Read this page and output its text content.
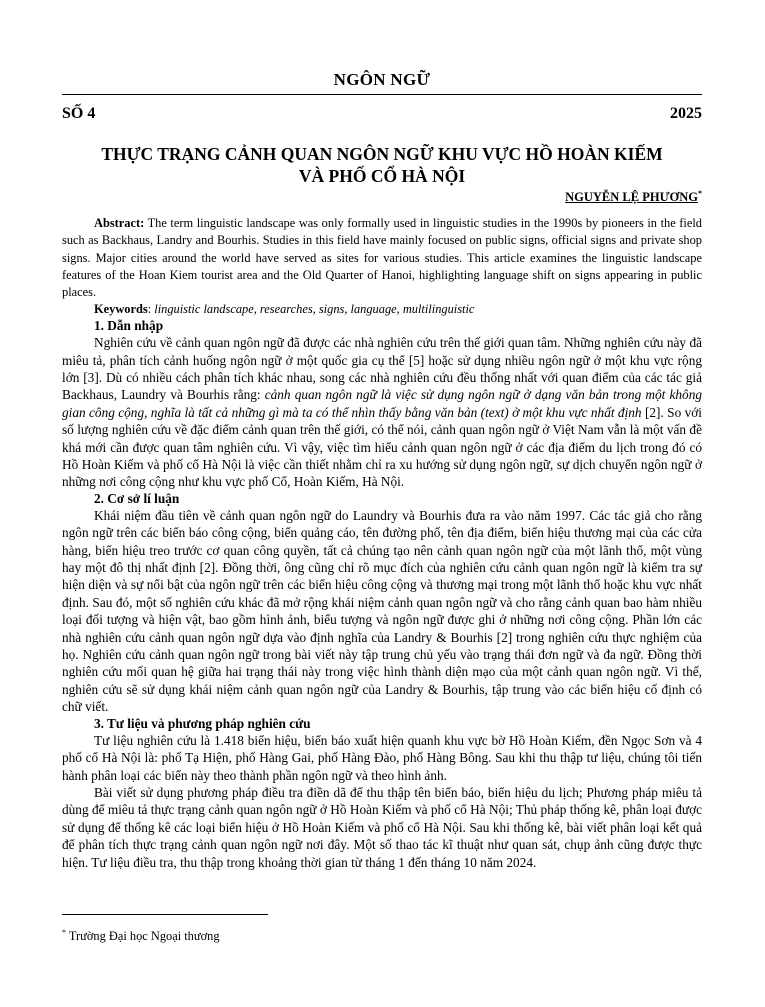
NGÔN NGỮ
SỐ 4	2025
THỰC TRẠNG CẢNH QUAN NGÔN NGỮ KHU VỰC HỒ HOÀN KIẾM
VÀ PHỐ CỔ HÀ NỘI
NGUYỄN LỆ PHƯƠNG*
Abstract: The term linguistic landscape was only formally used in linguistic studies in the 1990s by pioneers in the field such as Backhaus, Landry and Bourhis. Studies in this field have mainly focused on public signs, official signs and private shop signs. Major cities around the world have served as sites for various studies. This article examines the linguistic landscape features of the Hoan Kiem tourist area and the Old Quarter of Hanoi, highlighting language shift on signs appearing in public places.
Keywords: linguistic landscape, researches, signs, language, multilinguistic
1. Dẫn nhập

Nghiên cứu về cảnh quan ngôn ngữ đã được các nhà nghiên cứu trên thế giới quan tâm. Những nghiên cứu này đã miêu tả, phân tích cảnh huống ngôn ngữ ở một quốc gia cụ thể [5] hoặc sử dụng nhiều ngôn ngữ ở một khu vực rộng lớn [3]. Dù có nhiều cách phân tích khác nhau, song các nhà nghiên cứu đều thống nhất với quan điểm của các tác giả Backhaus, Laundry và Bourhis rằng: cảnh quan ngôn ngữ là việc sử dụng ngôn ngữ ở dạng văn bản trong một không gian công cộng, nghĩa là tất cả những gì mà ta có thể nhìn thấy bằng văn bản (text) ở một khu vực nhất định [2]. So với số lượng nghiên cứu về đặc điểm cảnh quan trên thế giới, có thể nói, cảnh quan ngôn ngữ ở Việt Nam vẫn là một vấn đề khá mới cần được quan tâm nghiên cứu. Vì vậy, việc tìm hiểu cảnh quan ngôn ngữ ở các địa điểm du lịch trong đó có Hồ Hoàn Kiếm và phố cổ Hà Nội là việc cần thiết nhằm chỉ ra xu hướng sử dụng ngôn ngữ, sự dịch chuyển ngôn ngữ ở những nơi công cộng như khu vực phố Cổ, Hoàn Kiếm, Hà Nội.

2. Cơ sở lí luận

Khái niệm đầu tiên về cảnh quan ngôn ngữ do Laundry và Bourhis đưa ra vào năm 1997. Các tác giả cho rằng ngôn ngữ trên các biển báo công cộng, biển quảng cáo, tên đường phố, tên địa điểm, biển hiệu thương mại của các cửa hàng, biển hiệu treo trước cơ quan công quyền, tất cả chúng tạo nên cảnh quan ngôn ngữ của một lãnh thổ, một vùng hay một đô thị nhất định [2]. Đồng thời, ông cũng chỉ rõ mục đích của nghiên cứu cảnh quan ngôn ngữ là kiểm tra sự hiện diện và sự nổi bật của ngôn ngữ trên các biển hiệu công cộng và thương mại trong một lãnh thổ hoặc khu vực nhất định. Sau đó, một số nghiên cứu khác đã mở rộng khái niệm cảnh quan ngôn ngữ và cho rằng cảnh quan bao hàm nhiều loại đối tượng và hiện vật, bao gồm hình ảnh, biểu tượng và ngôn ngữ được ghi ở những nơi công cộng. Phần lớn các nhà nghiên cứu cảnh quan ngôn ngữ dựa vào định nghĩa của Landry & Bourhis [2] trong nghiên cứu thực nghiệm của họ. Nghiên cứu cảnh quan ngôn ngữ trong bài viết này tập trung chủ yếu vào trạng thái đơn ngữ và đa ngữ. Đồng thời nghiên cứu mối quan hệ giữa hai trạng thái này trong việc hình thành diện mạo của một cảnh quan ngôn ngữ. Vì thế, nghiên cứu sẽ sử dụng khái niệm cảnh quan ngôn ngữ của Landry & Bourhis, tập trung vào các biển hiệu cố định có chữ viết.

3. Tư liệu và phương pháp nghiên cứu

Tư liệu nghiên cứu là 1.418 biển hiệu, biển báo xuất hiện quanh khu vực bờ Hồ Hoàn Kiếm, đền Ngọc Sơn và 4 phố cổ Hà Nội là: phố Tạ Hiện, phố Hàng Gai, phố Hàng Đào, phố Hàng Bông. Sau khi thu thập tư liệu, chúng tôi tiến hành phân loại các biển này theo thành phần ngôn ngữ và theo hình ảnh.

Bài viết sử dụng phương pháp điều tra điền dã để thu thập tên biển báo, biển hiệu du lịch; Phương pháp miêu tả dùng để miêu tả thực trạng cảnh quan ngôn ngữ ở Hồ Hoàn Kiếm và phố cổ Hà Nội; Thủ pháp thống kê, phân loại được sử dụng để thống kê các loại biển hiệu ở Hồ Hoàn Kiếm và phố cổ Hà Nội. Sau khi thống kê, bài viết phân loại kết quả để phân tích thực trạng cảnh quan ngôn ngữ nơi đây. Một số thao tác kĩ thuật như quan sát, chụp ảnh cũng được thực hiện. Tư liệu điều tra, thu thập trong khoảng thời gian từ tháng 1 đến tháng 10 năm 2024.

* Trường Đại học Ngoại thương
